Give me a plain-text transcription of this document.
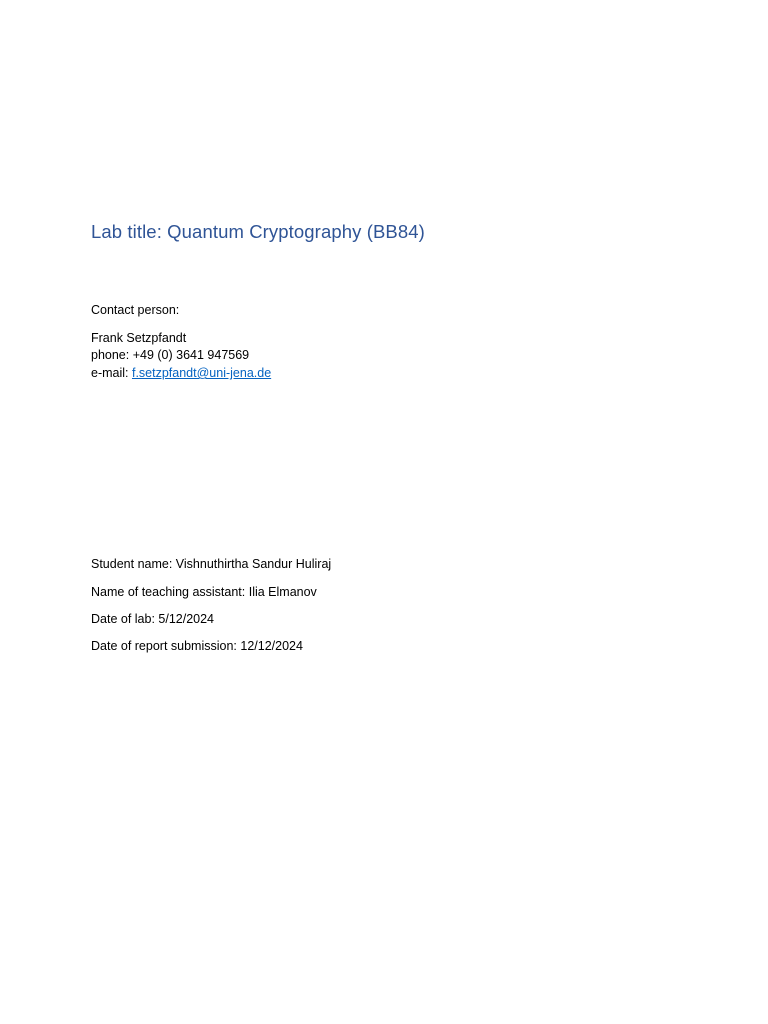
Lab title: Quantum Cryptography (BB84)
Contact person:
Frank Setzpfandt
phone: +49 (0) 3641 947569
e-mail: f.setzpfandt@uni-jena.de
Student name: Vishnuthirtha Sandur Huliraj
Name of teaching assistant: Ilia Elmanov
Date of lab: 5/12/2024
Date of report submission: 12/12/2024
